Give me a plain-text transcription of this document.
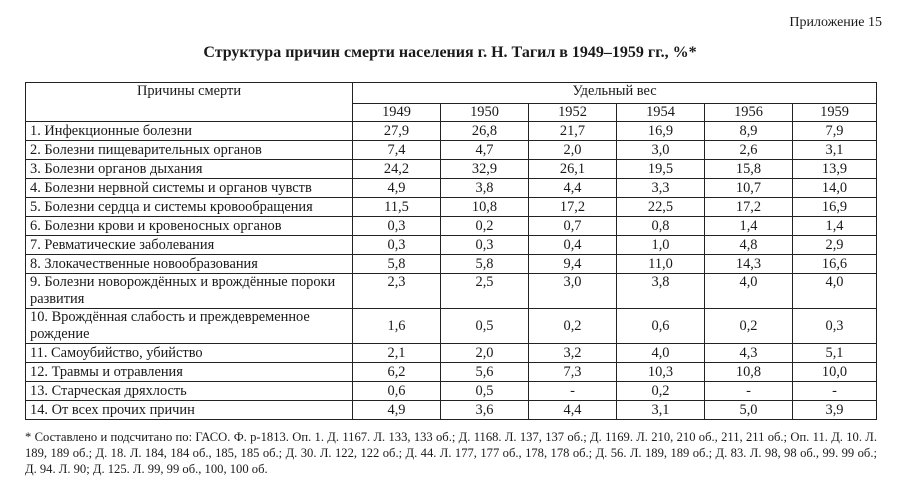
Приложение 15
Структура причин смерти населения г. Н. Тагил в 1949–1959 гг., %*
Причины смерти	Удельный вес					
	1949	1950	1952	1954	1956	1959
1. Инфекционные болезни	27,9	26,8	21,7	16,9	8,9	7,9
2. Болезни пищеварительных органов	7,4	4,7	2,0	3,0	2,6	3,1
3. Болезни органов дыхания	24,2	32,9	26,1	19,5	15,8	13,9
4. Болезни нервной системы и органов чувств	4,9	3,8	4,4	3,3	10,7	14,0
5. Болезни сердца и системы кровообращения	11,5	10,8	17,2	22,5	17,2	16,9
6. Болезни крови и кровеносных органов	0,3	0,2	0,7	0,8	1,4	1,4
7. Ревматические заболевания	0,3	0,3	0,4	1,0	4,8	2,9
8. Злокачественные новообразования	5,8	5,8	9,4	11,0	14,3	16,6
9. Болезни новорождённых и врождённые пороки развития	2,3	2,5	3,0	3,8	4,0	4,0
10. Врождённая слабость и преждевременное рождение	1,6	0,5	0,2	0,6	0,2	0,3
11. Самоубийство, убийство	2,1	2,0	3,2	4,0	4,3	5,1
12. Травмы и отравления	6,2	5,6	7,3	10,3	10,8	10,0
13. Старческая дряхлость	0,6	0,5	-	0,2	-	-
14. От всех прочих причин	4,9	3,6	4,4	3,1	5,0	3,9
* Составлено и подсчитано по: ГАСО. Ф. р-1813. Оп. 1. Д. 1167. Л. 133, 133 об.; Д. 1168. Л. 137, 137 об.; Д. 1169. Л. 210, 210 об., 211, 211 об.; Оп. 11. Д. 10. Л. 189, 189 об.; Д. 18. Л. 184, 184 об., 185, 185 об.; Д. 30. Л. 122, 122 об.; Д. 44. Л. 177, 177 об., 178, 178 об.; Д. 56. Л. 189, 189 об.; Д. 83. Л. 98, 98 об., 99. 99 об.; Д. 94. Л. 90; Д. 125. Л. 99, 99 об., 100, 100 об.
